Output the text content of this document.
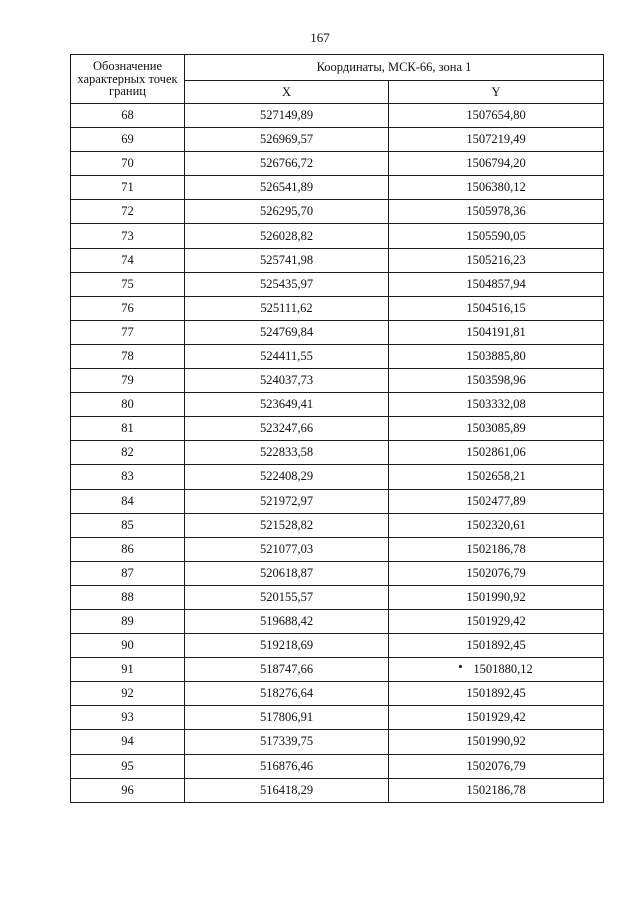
167
Обозначение характерных точек границ	Координаты, МСК-66, зона 1	
	X	Y
68	527149,89	1507654,80
69	526969,57	1507219,49
70	526766,72	1506794,20
71	526541,89	1506380,12
72	526295,70	1505978,36
73	526028,82	1505590,05
74	525741,98	1505216,23
75	525435,97	1504857,94
76	525111,62	1504516,15
77	524769,84	1504191,81
78	524411,55	1503885,80
79	524037,73	1503598,96
80	523649,41	1503332,08
81	523247,66	1503085,89
82	522833,58	1502861,06
83	522408,29	1502658,21
84	521972,97	1502477,89
85	521528,82	1502320,61
86	521077,03	1502186,78
87	520618,87	1502076,79
88	520155,57	1501990,92
89	519688,42	1501929,42
90	519218,69	1501892,45
91	518747,66	1501880,12
92	518276,64	1501892,45
93	517806,91	1501929,42
94	517339,75	1501990,92
95	516876,46	1502076,79
96	516418,29	1502186,78
